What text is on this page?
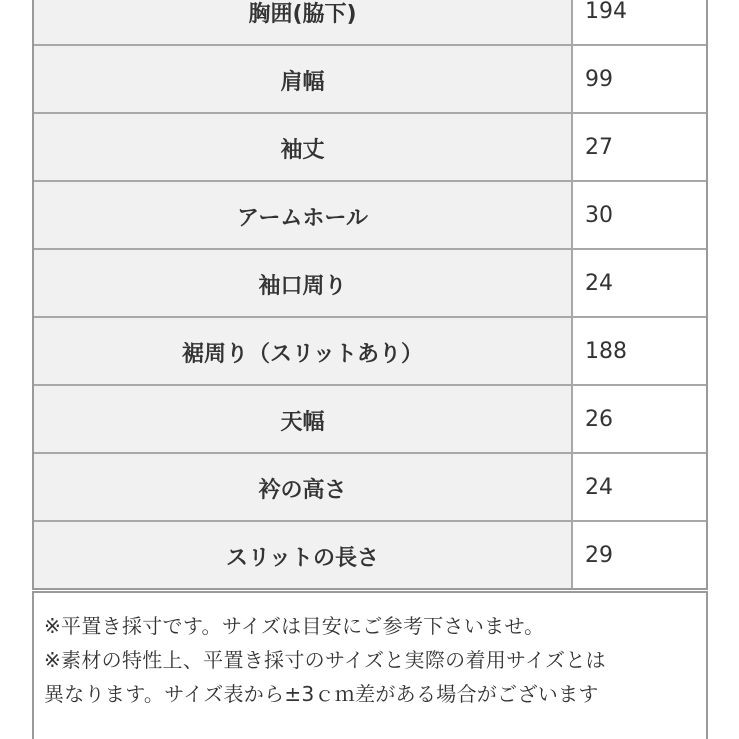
胸囲(脇下)	194
肩幅	99
袖丈	27
アームホール	30
袖口周り	24
裾周り（スリットあり）	188
天幅	26
衿の高さ	24
スリットの長さ	29
※平置き採寸です。サイズは目安にご参考下さいませ。
※素材の特性上、平置き採寸のサイズと実際の着用サイズとは
異なります。サイズ表から±3ｃｍ差がある場合がございます
